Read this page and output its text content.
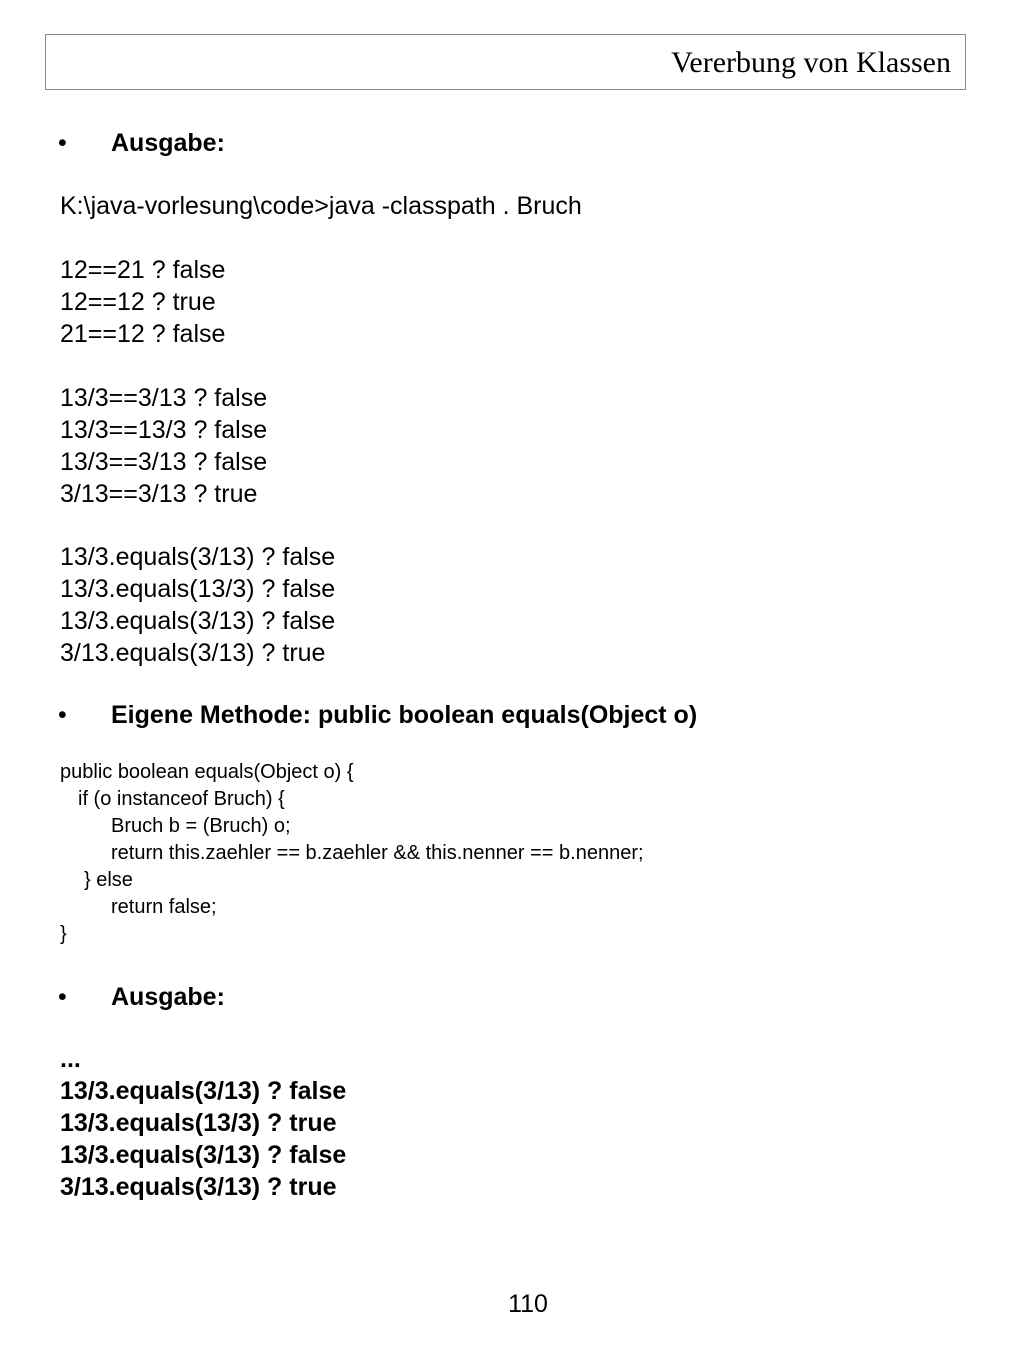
Vererbung von Klassen
• Ausgabe:
K:\java-vorlesung\code>java -classpath . Bruch
12==21 ? false
12==12 ? true
21==12 ? false
13/3==3/13 ? false
13/3==13/3 ? false
13/3==3/13 ? false
3/13==3/13 ? true
13/3.equals(3/13) ? false
13/3.equals(13/3) ? false
13/3.equals(3/13) ? false
3/13.equals(3/13) ? true
• Eigene Methode: public boolean equals(Object o)
public boolean equals(Object o) {
if (o instanceof Bruch) {
Bruch b = (Bruch) o;
return this.zaehler == b.zaehler && this.nenner == b.nenner;
} else
return false;
}
• Ausgabe:
...
13/3.equals(3/13) ? false
13/3.equals(13/3) ? true
13/3.equals(3/13) ? false
3/13.equals(3/13) ? true
110
